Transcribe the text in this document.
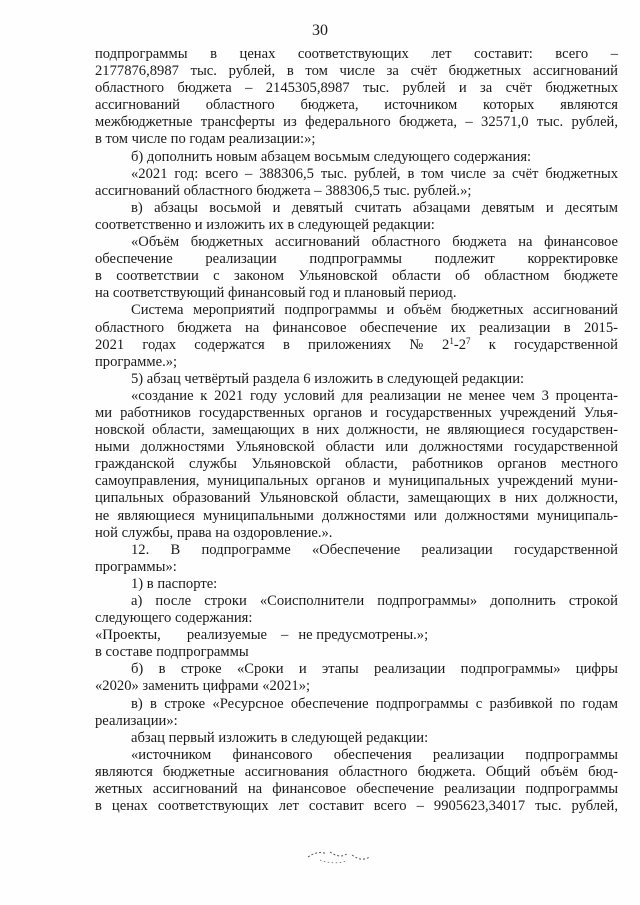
30
подпрограммы в ценах соответствующих лет составит: всего –
2177876,8987 тыс. рублей, в том числе за счёт бюджетных ассигнований
областного бюджета – 2145305,8987 тыс. рублей и за счёт бюджетных
ассигнований областного бюджета, источником которых являются
межбюджетные трансферты из федерального бюджета, – 32571,0 тыс. рублей,
в том числе по годам реализации:»;
б) дополнить новым абзацем восьмым следующего содержания:
«2021 год: всего – 388306,5 тыс. рублей, в том числе за счёт бюджетных
ассигнований областного бюджета – 388306,5 тыс. рублей.»;
в) абзацы восьмой и девятый считать абзацами девятым и десятым
соответственно и изложить их в следующей редакции:
«Объём бюджетных ассигнований областного бюджета на финансовое
обеспечение реализации подпрограммы подлежит корректировке
в соответствии с законом Ульяновской области об областном бюджете
на соответствующий финансовый год и плановый период.
Система мероприятий подпрограммы и объём бюджетных ассигнований
областного бюджета на финансовое обеспечение их реализации в 2015-
2021 годах содержатся в приложениях № $2^1-2^7$ к государственной
программе.»;
5) абзац четвёртый раздела 6 изложить в следующей редакции:
«создание к 2021 году условий для реализации не менее чем 3 процента-
ми работников государственных органов и государственных учреждений Улья-
новской области, замещающих в них должности, не являющиеся государствен-
ными должностями Ульяновской области или должностями государственной
гражданской службы Ульяновской области, работников органов местного
самоуправления, муниципальных органов и муниципальных учреждений муни-
ципальных образований Ульяновской области, замещающих в них должности,
не являющиеся муниципальными должностями или должностями муниципаль-
ной службы, права на оздоровление.».
12. В подпрограмме «Обеспечение реализации государственной
программы»:
1) в паспорте:
а) после строки «Соисполнители подпрограммы» дополнить строкой
следующего содержания:
«Проекты, реализуемые – не предусмотрены.»;
в составе подпрограммы
б) в строке «Сроки и этапы реализации подпрограммы» цифры
«2020» заменить цифрами «2021»;
в) в строке «Ресурсное обеспечение подпрограммы с разбивкой по годам
реализации»:
абзац первый изложить в следующей редакции:
«источником финансового обеспечения реализации подпрограммы
являются бюджетные ассигнования областного бюджета. Общий объём бюд-
жетных ассигнований на финансовое обеспечение реализации подпрограммы
в ценах соответствующих лет составит всего – 9905623,34017 тыс. рублей,
